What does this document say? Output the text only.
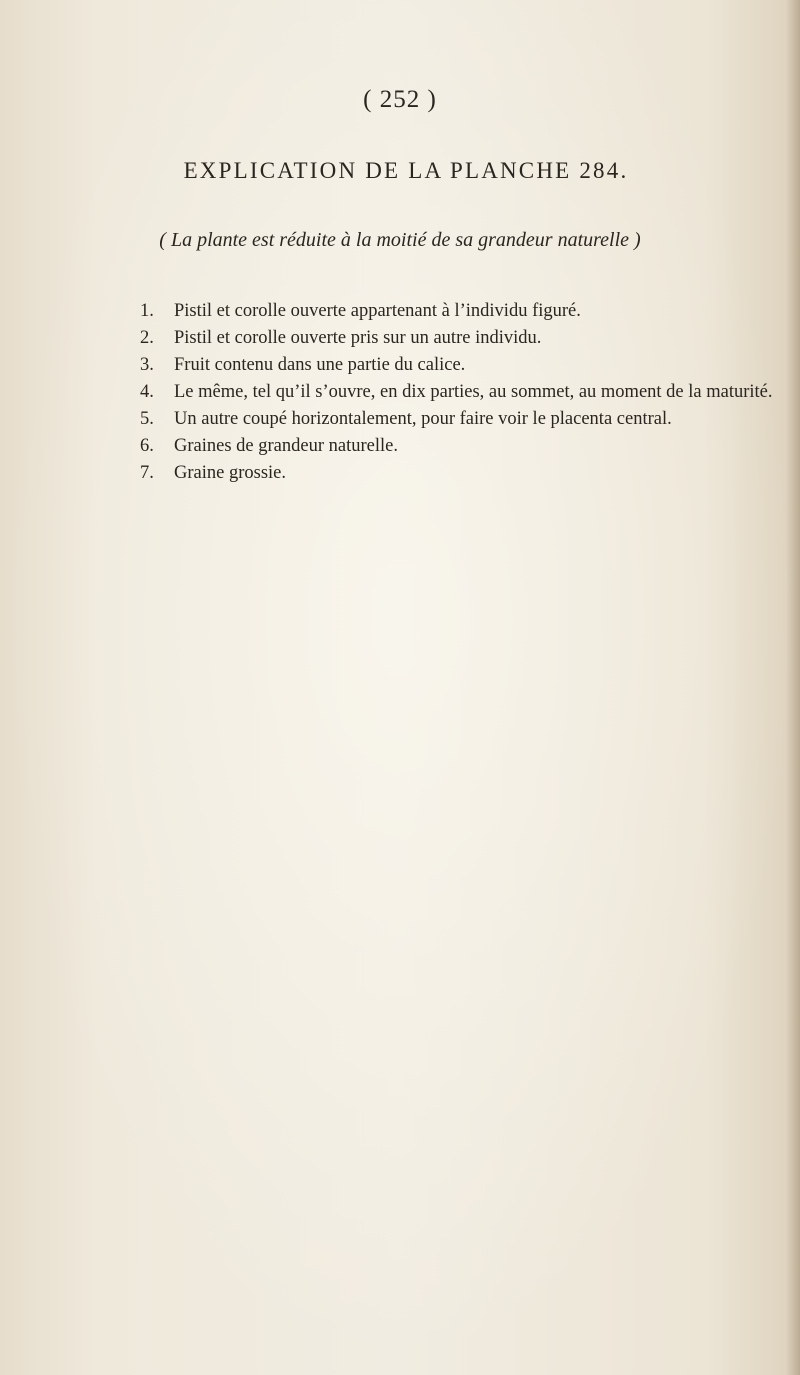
( 252 )
EXPLICATION DE LA PLANCHE 284.
( La plante est réduite à la moitié de sa grandeur naturelle )
1.	Pistil et corolle ouverte appartenant à l’individu figuré.
2.	Pistil et corolle ouverte pris sur un autre individu.
3.	Fruit contenu dans une partie du calice.
4.	Le même, tel qu’il s’ouvre, en dix parties, au sommet, au moment de la maturité.
5.	Un autre coupé horizontalement, pour faire voir le placenta central.
6.	Graines de grandeur naturelle.
7.	Graine grossie.
